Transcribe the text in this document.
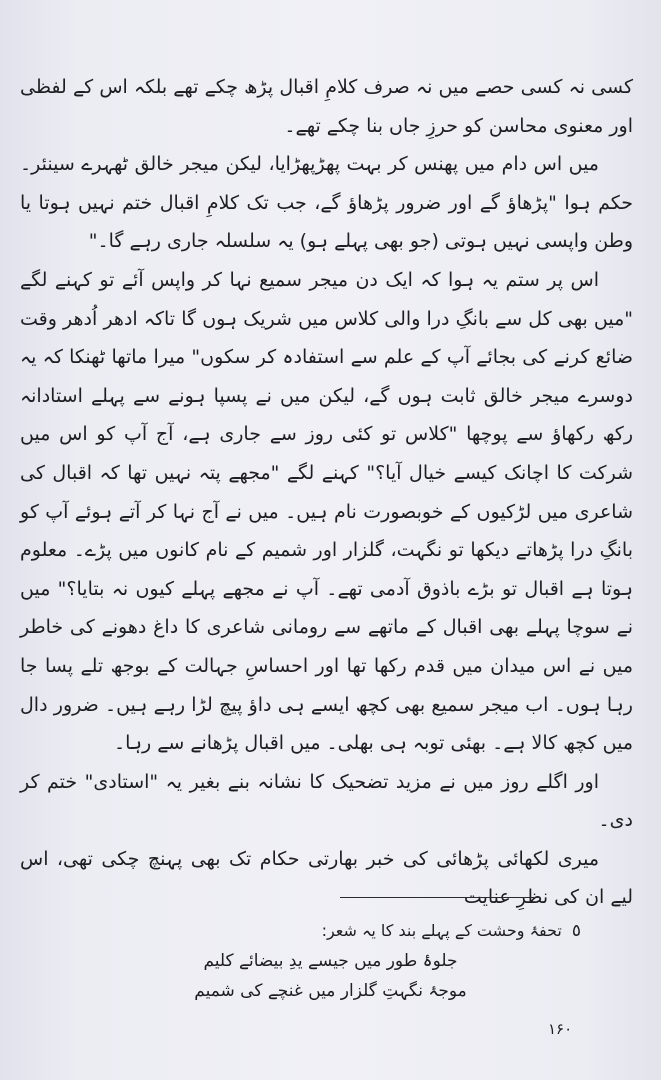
کسی نہ کسی حصے میں نہ صرف کلامِ اقبال پڑھ چکے تھے بلکہ اس کے لفظی اور معنوی محاسن کو حرزِ جاں بنا چکے تھے۔

میں اس دام میں پھنس کر بہت پھڑپھڑایا، لیکن میجر خالق ٹھہرے سینئر۔ حکم ہوا "پڑھاؤ گے اور ضرور پڑھاؤ گے، جب تک کلامِ اقبال ختم نہیں ہوتا یا وطن واپسی نہیں ہوتی (جو بھی پہلے ہو) یہ سلسلہ جاری رہے گا۔"

اس پر ستم یہ ہوا کہ ایک دن میجر سمیع نہا کر واپس آئے تو کہنے لگے "میں بھی کل سے بانگِ درا والی کلاس میں شریک ہوں گا تاکہ ادھر اُدھر وقت ضائع کرنے کی بجائے آپ کے علم سے استفادہ کر سکوں" میرا ماتھا ٹھنکا کہ یہ دوسرے میجر خالق ثابت ہوں گے، لیکن میں نے پسپا ہونے سے پہلے استادانہ رکھ رکھاؤ سے پوچھا "کلاس تو کئی روز سے جاری ہے، آج آپ کو اس میں شرکت کا اچانک کیسے خیال آیا؟" کہنے لگے "مجھے پتہ نہیں تھا کہ اقبال کی شاعری میں لڑکیوں کے خوبصورت نام ہیں۔ میں نے آج نہا کر آتے ہوئے آپ کو بانگِ درا پڑھاتے دیکھا تو نگہت، گلزار اور شمیم کے نام کانوں میں پڑے۔ معلوم ہوتا ہے اقبال تو بڑے باذوق آدمی تھے۔ آپ نے مجھے پہلے کیوں نہ بتایا؟" میں نے سوچا پہلے بھی اقبال کے ماتھے سے رومانی شاعری کا داغ دھونے کی خاطر میں نے اس میدان میں قدم رکھا تھا اور احساسِ جہالت کے بوجھ تلے پسا جا رہا ہوں۔ اب میجر سمیع بھی کچھ ایسے ہی داؤ پیچ لڑا رہے ہیں۔ ضرور دال میں کچھ کالا ہے۔ بھئی توبہ ہی بھلی۔ میں اقبال پڑھانے سے رہا۔

اور اگلے روز میں نے مزید تضحیک کا نشانہ بنے بغیر یہ "استادی" ختم کر دی۔

میری لکھائی پڑھائی کی خبر بھارتی حکام تک بھی پہنچ چکی تھی، اس لیے ان کی نظرِ عنایت

٥تحفۂ وحشت کے پہلے بند کا یہ شعر:
جلوۂ طور میں جیسے یدِ بیضائے کلیم
موجۂ نگہتِ گلزار میں غنچے کی شمیم
۱۶۰
